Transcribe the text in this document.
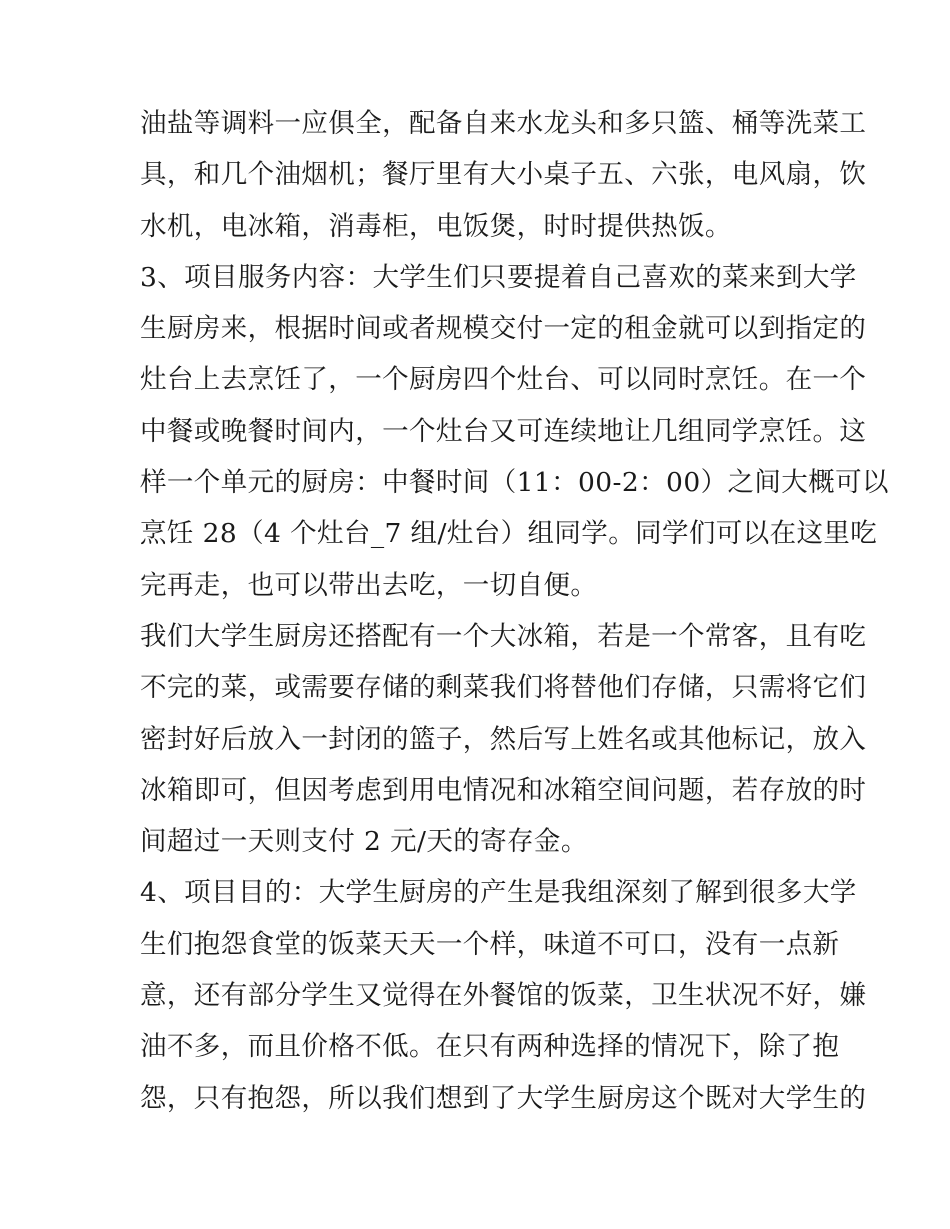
油盐等调料一应俱全，配备自来水龙头和多只篮、桶等洗菜工
具，和几个油烟机；餐厅里有大小桌子五、六张，电风扇，饮
水机，电冰箱，消毒柜，电饭煲，时时提供热饭。
3、项目服务内容：大学生们只要提着自己喜欢的菜来到大学
生厨房来，根据时间或者规模交付一定的租金就可以到指定的
灶台上去烹饪了，一个厨房四个灶台、可以同时烹饪。在一个
中餐或晚餐时间内，一个灶台又可连续地让几组同学烹饪。这
样一个单元的厨房：中餐时间（11：00-2：00）之间大概可以
烹饪 28（4 个灶台_7 组/灶台）组同学。同学们可以在这里吃
完再走，也可以带出去吃，一切自便。
我们大学生厨房还搭配有一个大冰箱，若是一个常客，且有吃
不完的菜，或需要存储的剩菜我们将替他们存储，只需将它们
密封好后放入一封闭的篮子，然后写上姓名或其他标记，放入
冰箱即可，但因考虑到用电情况和冰箱空间问题，若存放的时
间超过一天则支付 2 元/天的寄存金。
4、项目目的：大学生厨房的产生是我组深刻了解到很多大学
生们抱怨食堂的饭菜天天一个样，味道不可口，没有一点新
意，还有部分学生又觉得在外餐馆的饭菜，卫生状况不好，嫌
油不多，而且价格不低。在只有两种选择的情况下，除了抱
怨，只有抱怨，所以我们想到了大学生厨房这个既对大学生的
